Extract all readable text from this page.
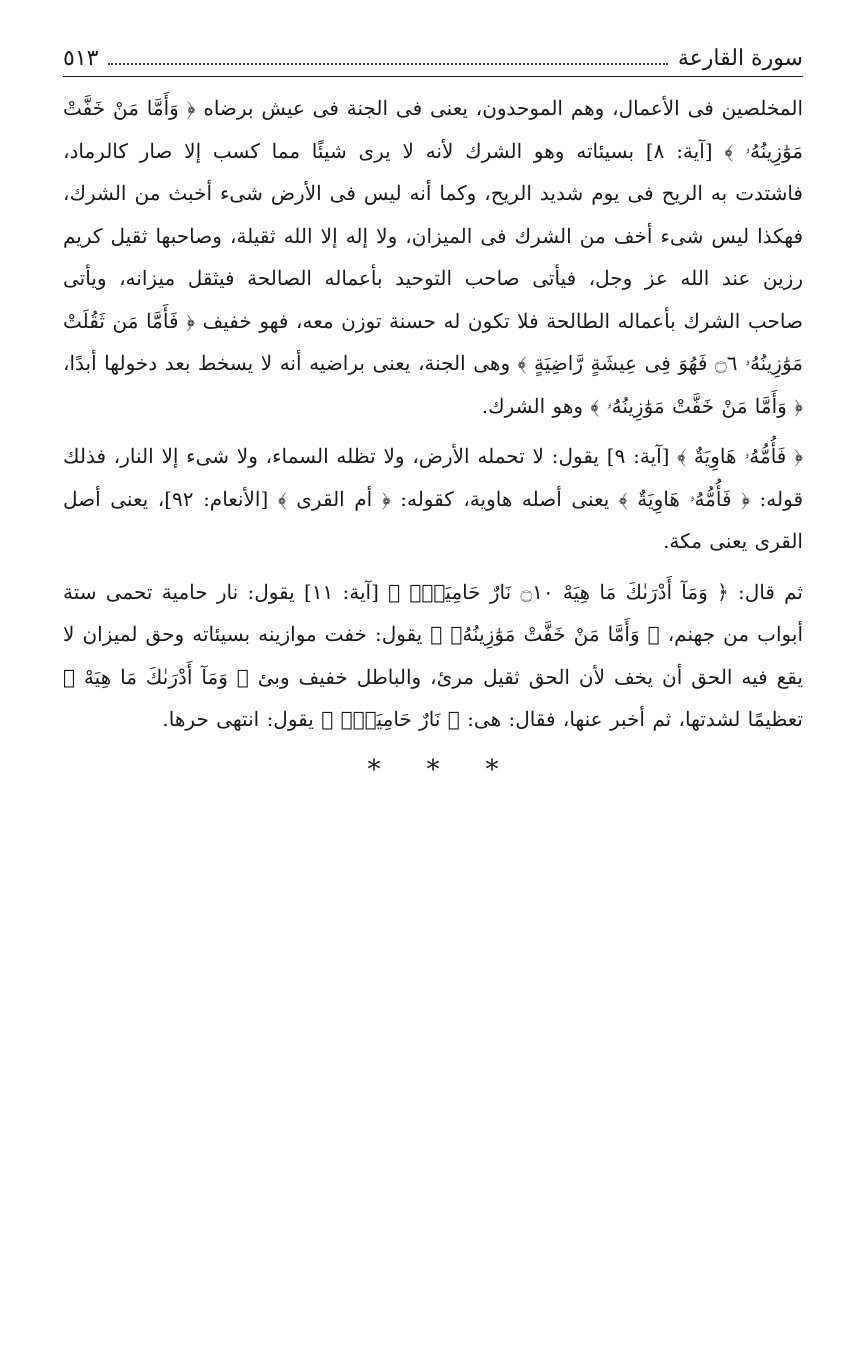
سورة القارعة
٥١٣

المخلصين فى الأعمال، وهم الموحدون، يعنى فى الجنة فى عيش برضاه ﴿ وَأَمَّا مَنْ خَفَّتْ مَوَٰزِينُهُۥ ﴾ [آية: ٨] بسيئاته وهو الشرك لأنه لا يرى شيئًا مما كسب إلا صار كالرماد، فاشتدت به الريح فى يوم شديد الريح، وكما أنه ليس فى الأرض شىء أخبث من الشرك، فهكذا ليس شىء أخف من الشرك فى الميزان، ولا إله إلا الله ثقيلة، وصاحبها ثقيل كريم رزين عند الله عز وجل، فيأتى صاحب التوحيد بأعماله الصالحة فيثقل ميزانه، ويأتى صاحب الشرك بأعماله الطالحة فلا تكون له حسنة توزن معه، فهو خفيف ﴿ فَأَمَّا مَن ثَقُلَتْ مَوَٰزِينُهُۥ ۝٦ فَهُوَ فِى عِيشَةٍ رَّاضِيَةٍ ﴾ وهى الجنة، يعنى براضيه أنه لا يسخط بعد دخولها أبدًا، ﴿ وَأَمَّا مَنْ خَفَّتْ مَوَٰزِينُهُۥ ﴾ وهو الشرك.

﴿ فَأُمُّهُۥ هَاوِيَةٌ ﴾ [آية: ٩] يقول: لا تحمله الأرض، ولا تظله السماء، ولا شىء إلا النار، فذلك قوله: ﴿ فَأُمُّهُۥ هَاوِيَةٌ ﴾ يعنى أصله هاوية، كقوله: ﴿ أم القرى ﴾ [الأنعام: ٩٢]، يعنى أصل القرى يعنى مكة.

ثم قال: ﴿ وَمَآ أَدْرَىٰكَ مَا هِيَهْ ۝١٠ نَارٌ حَامِيَةٌۢ ﴾ [آية: ١١] يقول: نار حامية تحمى ستة أبواب من جهنم، ﴿ وَأَمَّا مَنْ خَفَّتْ مَوَٰزِينُهُۥ ﴾ يقول: خفت موازينه بسيئاته وحق لميزان لا يقع فيه الحق أن يخف لأن الحق ثقيل مرئ، والباطل خفيف وبئ ﴿ وَمَآ أَدْرَىٰكَ مَا هِيَهْ ﴾ تعظيمًا لشدتها، ثم أخبر عنها، فقال: هى: ﴿ نَارٌ حَامِيَةٌۢ ﴾ يقول: انتهى حرها.

* * *
